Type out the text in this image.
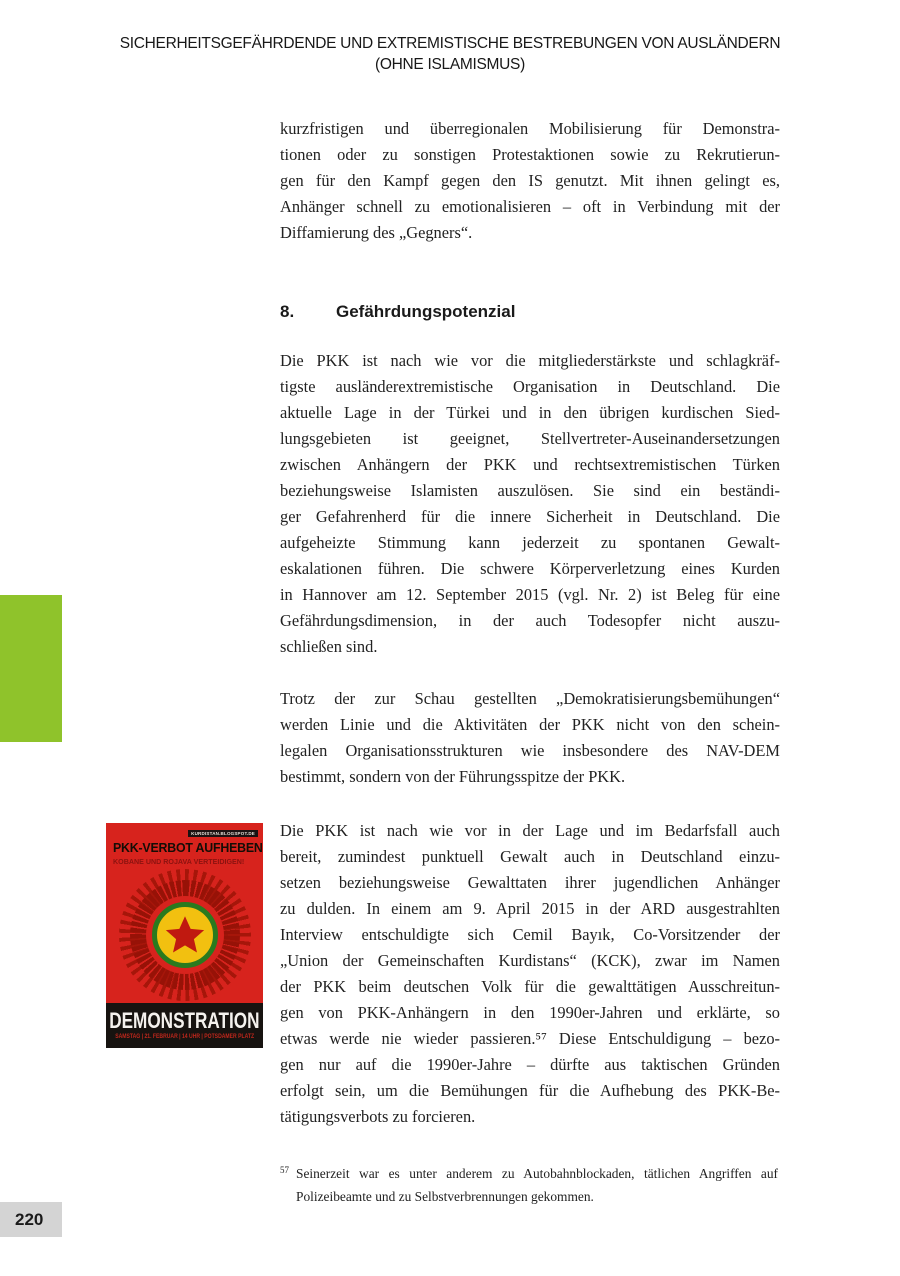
SICHERHEITSGEFÄHRDENDE UND EXTREMISTISCHE BESTREBUNGEN VON AUSLÄNDERN
(OHNE ISLAMISMUS)
kurzfristigen und überregionalen Mobilisierung für Demonstra-
tionen oder zu sonstigen Protestaktionen sowie zu Rekrutierun-
gen für den Kampf gegen den IS genutzt. Mit ihnen gelingt es,
Anhänger schnell zu emotionalisieren – oft in Verbindung mit der
Diffamierung des „Gegners“.
8.	Gefährdungspotenzial
Die PKK ist nach wie vor die mitgliederstärkste und schlagkräf-
tigste ausländerextremistische Organisation in Deutschland. Die
aktuelle Lage in der Türkei und in den übrigen kurdischen Sied-
lungsgebieten ist geeignet, Stellvertreter-Auseinandersetzungen
zwischen Anhängern der PKK und rechtsextremistischen Türken
beziehungsweise Islamisten auszulösen. Sie sind ein beständi-
ger Gefahrenherd für die innere Sicherheit in Deutschland. Die
aufgeheizte Stimmung kann jederzeit zu spontanen Gewalt-
eskalationen führen. Die schwere Körperverletzung eines Kurden
in Hannover am 12. September 2015 (vgl. Nr. 2) ist Beleg für eine
Gefährdungsdimension, in der auch Todesopfer nicht auszu-
schließen sind.
Trotz der zur Schau gestellten „Demokratisierungsbemühungen“
werden Linie und die Aktivitäten der PKK nicht von den schein-
legalen Organisationsstrukturen wie insbesondere des NAV-DEM
bestimmt, sondern von der Führungsspitze der PKK.
Die PKK ist nach wie vor in der Lage und im Bedarfsfall auch
bereit, zumindest punktuell Gewalt auch in Deutschland einzu-
setzen beziehungsweise Gewalttaten ihrer jugendlichen Anhänger
zu dulden. In einem am 9. April 2015 in der ARD ausgestrahlten
Interview entschuldigte sich Cemil Bayık, Co-Vorsitzender der
„Union der Gemeinschaften Kurdistans“ (KCK), zwar im Namen
der PKK beim deutschen Volk für die gewalttätigen Ausschreitun-
gen von PKK-Anhängern in den 1990er-Jahren und erklärte, so
etwas werde nie wieder passieren.⁵⁷ Diese Entschuldigung – bezo-
gen nur auf die 1990er-Jahre – dürfte aus taktischen Gründen
erfolgt sein, um die Bemühungen für die Aufhebung des PKK-Be-
tätigungsverbots zu forcieren.
KURDISTAN.BLOGSPOT.DE
PKK-VERBOT AUFHEBEN
KOBANE UND ROJAVA VERTEIDIGEN!
DEMONSTRATION
SAMSTAG | 21. FEBRUAR | 14 UHR | POTSDAMER PLATZ
57 Seinerzeit war es unter anderem zu Autobahnblockaden, tätlichen Angriffen auf
Polizeibeamte und zu Selbstverbrennungen gekommen.
220
